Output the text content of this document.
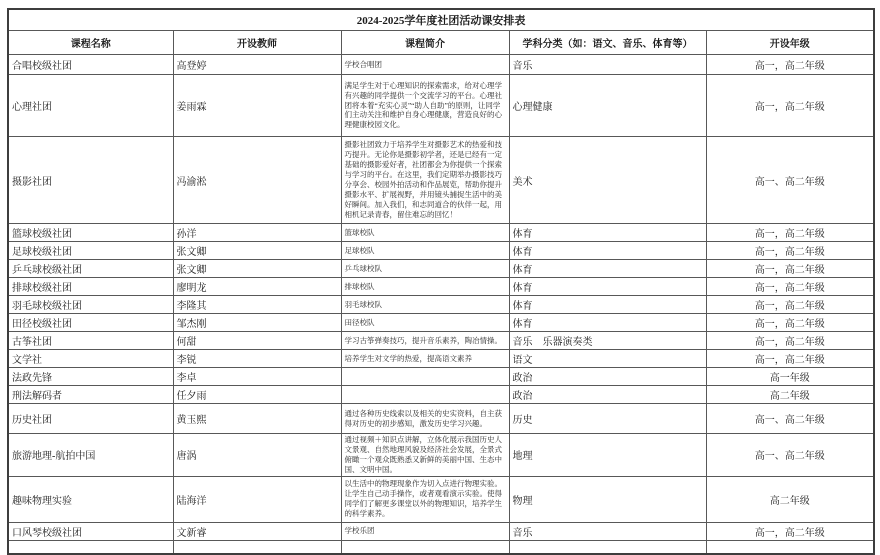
2024-2025学年度社团活动课安排表				
课程名称	开设教师	课程简介	学科分类（如：语文、音乐、体育等）	开设年级
合唱校级社团	高登婷	学校合唱团	音乐	高一，高二年级
心理社团	姜雨霖	满足学生对于心理知识的探索需求，给对心理学有兴趣的同学提供一个交流学习的平台。心理社团将本着“充实心灵”“助人自助”的原则，让同学们主动关注和维护自身心理健康，营造良好的心理健康校园文化。	心理健康	高一，高二年级
摄影社团	冯渝淞	摄影社团致力于培养学生对摄影艺术的热爱和技巧提升。无论你是摄影初学者，还是已经有一定基础的摄影爱好者，社团都会为你提供一个探索与学习的平台。在这里，我们定期举办摄影技巧分享会、校园外拍活动和作品展览，帮助你提升摄影水平、扩展视野，并用镜头捕捉生活中的美好瞬间。加入我们，和志同道合的伙伴一起，用相机记录青春，留住难忘的回忆！	美术	高一、高二年级
篮球校级社团	孙洋	篮球校队	体育	高一，高二年级
足球校级社团	张文卿	足球校队	体育	高一，高二年级
乒乓球校级社团	张文卿	乒乓球校队	体育	高一，高二年级
排球校级社团	廖明龙	排球校队	体育	高一，高二年级
羽毛球校级社团	李隆其	羽毛球校队	体育	高一，高二年级
田径校级社团	邹杰刚	田径校队	体育	高一，高二年级
古筝社团	何甜	学习古筝弹奏技巧，提升音乐素养，陶冶情操。	音乐　乐器演奏类	高一，高二年级
文学社	李锐	培养学生对文学的热爱，提高语文素养	语文	高一，高二年级
法政先锋	李卓		政治	高一年级
刑法解码者	任夕雨		政治	高二年级
历史社团	黄玉熙	通过各种历史线索以及相关的史实资料，自主获得对历史的初步感知，激发历史学习兴趣。	历史	高一、高二年级
旅游地理-航拍中国	唐涡	通过视频＋知识点讲解，立体化展示我国历史人文景观、自然地理风貌及经济社会发展，全景式俯瞰一个观众既熟悉又新鲜的美丽中国、生态中国、文明中国。	地理	高一、高二年级
趣味物理实验	陆海洋	以生活中的物理现象作为切入点进行物理实验。让学生自己动手操作，或者观看演示实验。使得同学们了解更多课堂以外的物理知识，培养学生的科学素养。	物理	高二年级
口风琴校级社团	文新睿	学校乐团	音乐	高一，高二年级
